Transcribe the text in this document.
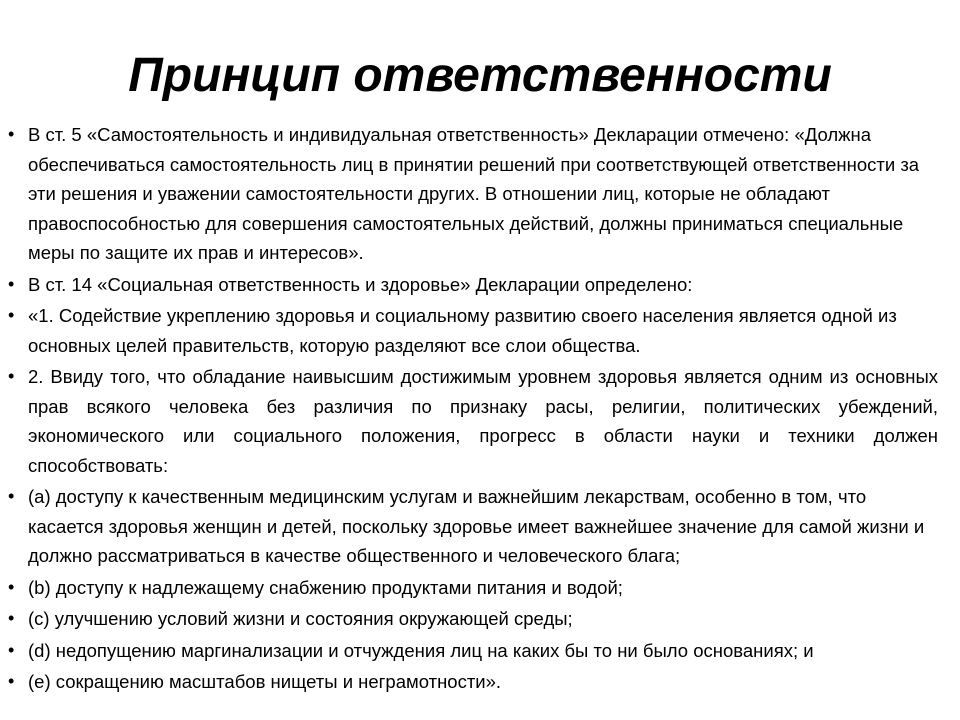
Принцип ответственности
• В ст. 5 «Самостоятельность и индивидуальная ответственность» Декларации отмечено: «Должна обеспечиваться самостоятельность лиц в принятии решений при соответствующей ответственности за эти решения и уважении самостоятельности других. В отношении лиц, которые не обладают правоспособностью для совершения самостоятельных действий, должны приниматься специальные меры по защите их прав и интересов».
• В ст. 14 «Социальная ответственность и здоровье» Декларации определено:
• «1. Содействие укреплению здоровья и социальному развитию своего населения является одной из основных целей правительств, которую разделяют все слои общества.
• 2. Ввиду того, что обладание наивысшим достижимым уровнем здоровья является одним из основных прав всякого человека без различия по признаку расы, религии, политических убеждений, экономического или социального положения, прогресс в области науки и техники должен способствовать:
• (a) доступу к качественным медицинским услугам и важнейшим лекарствам, особенно в том, что касается здоровья женщин и детей, поскольку здоровье имеет важнейшее значение для самой жизни и должно рассматриваться в качестве общественного и человеческого блага;
• (b) доступу к надлежащему снабжению продуктами питания и водой;
• (c) улучшению условий жизни и состояния окружающей среды;
• (d) недопущению маргинализации и отчуждения лиц на каких бы то ни было основаниях; и
• (e) сокращению масштабов нищеты и неграмотности».
